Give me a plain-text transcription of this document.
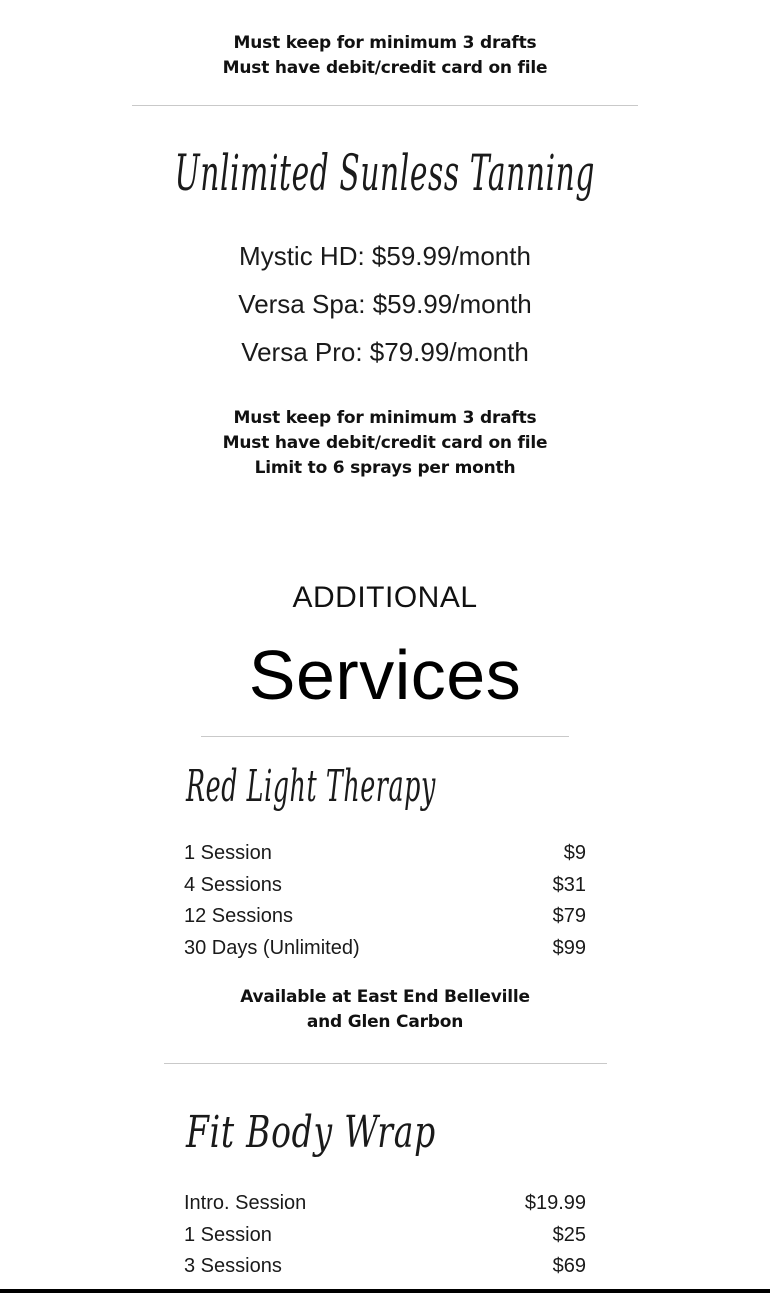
Must keep for minimum 3 drafts
Must have debit/credit card on file
Unlimited Sunless Tanning
Mystic HD: $59.99/month
Versa Spa: $59.99/month
Versa Pro: $79.99/month
Must keep for minimum 3 drafts
Must have debit/credit card on file
Limit to 6 sprays per month
ADDITIONAL
Services
Red Light Therapy
1 Session	$9
4 Sessions	$31
12 Sessions	$79
30 Days (Unlimited)	$99
Available at East End Belleville
and Glen Carbon
Fit Body Wrap
Intro. Session	$19.99
1 Session	$25
3 Sessions	$69
